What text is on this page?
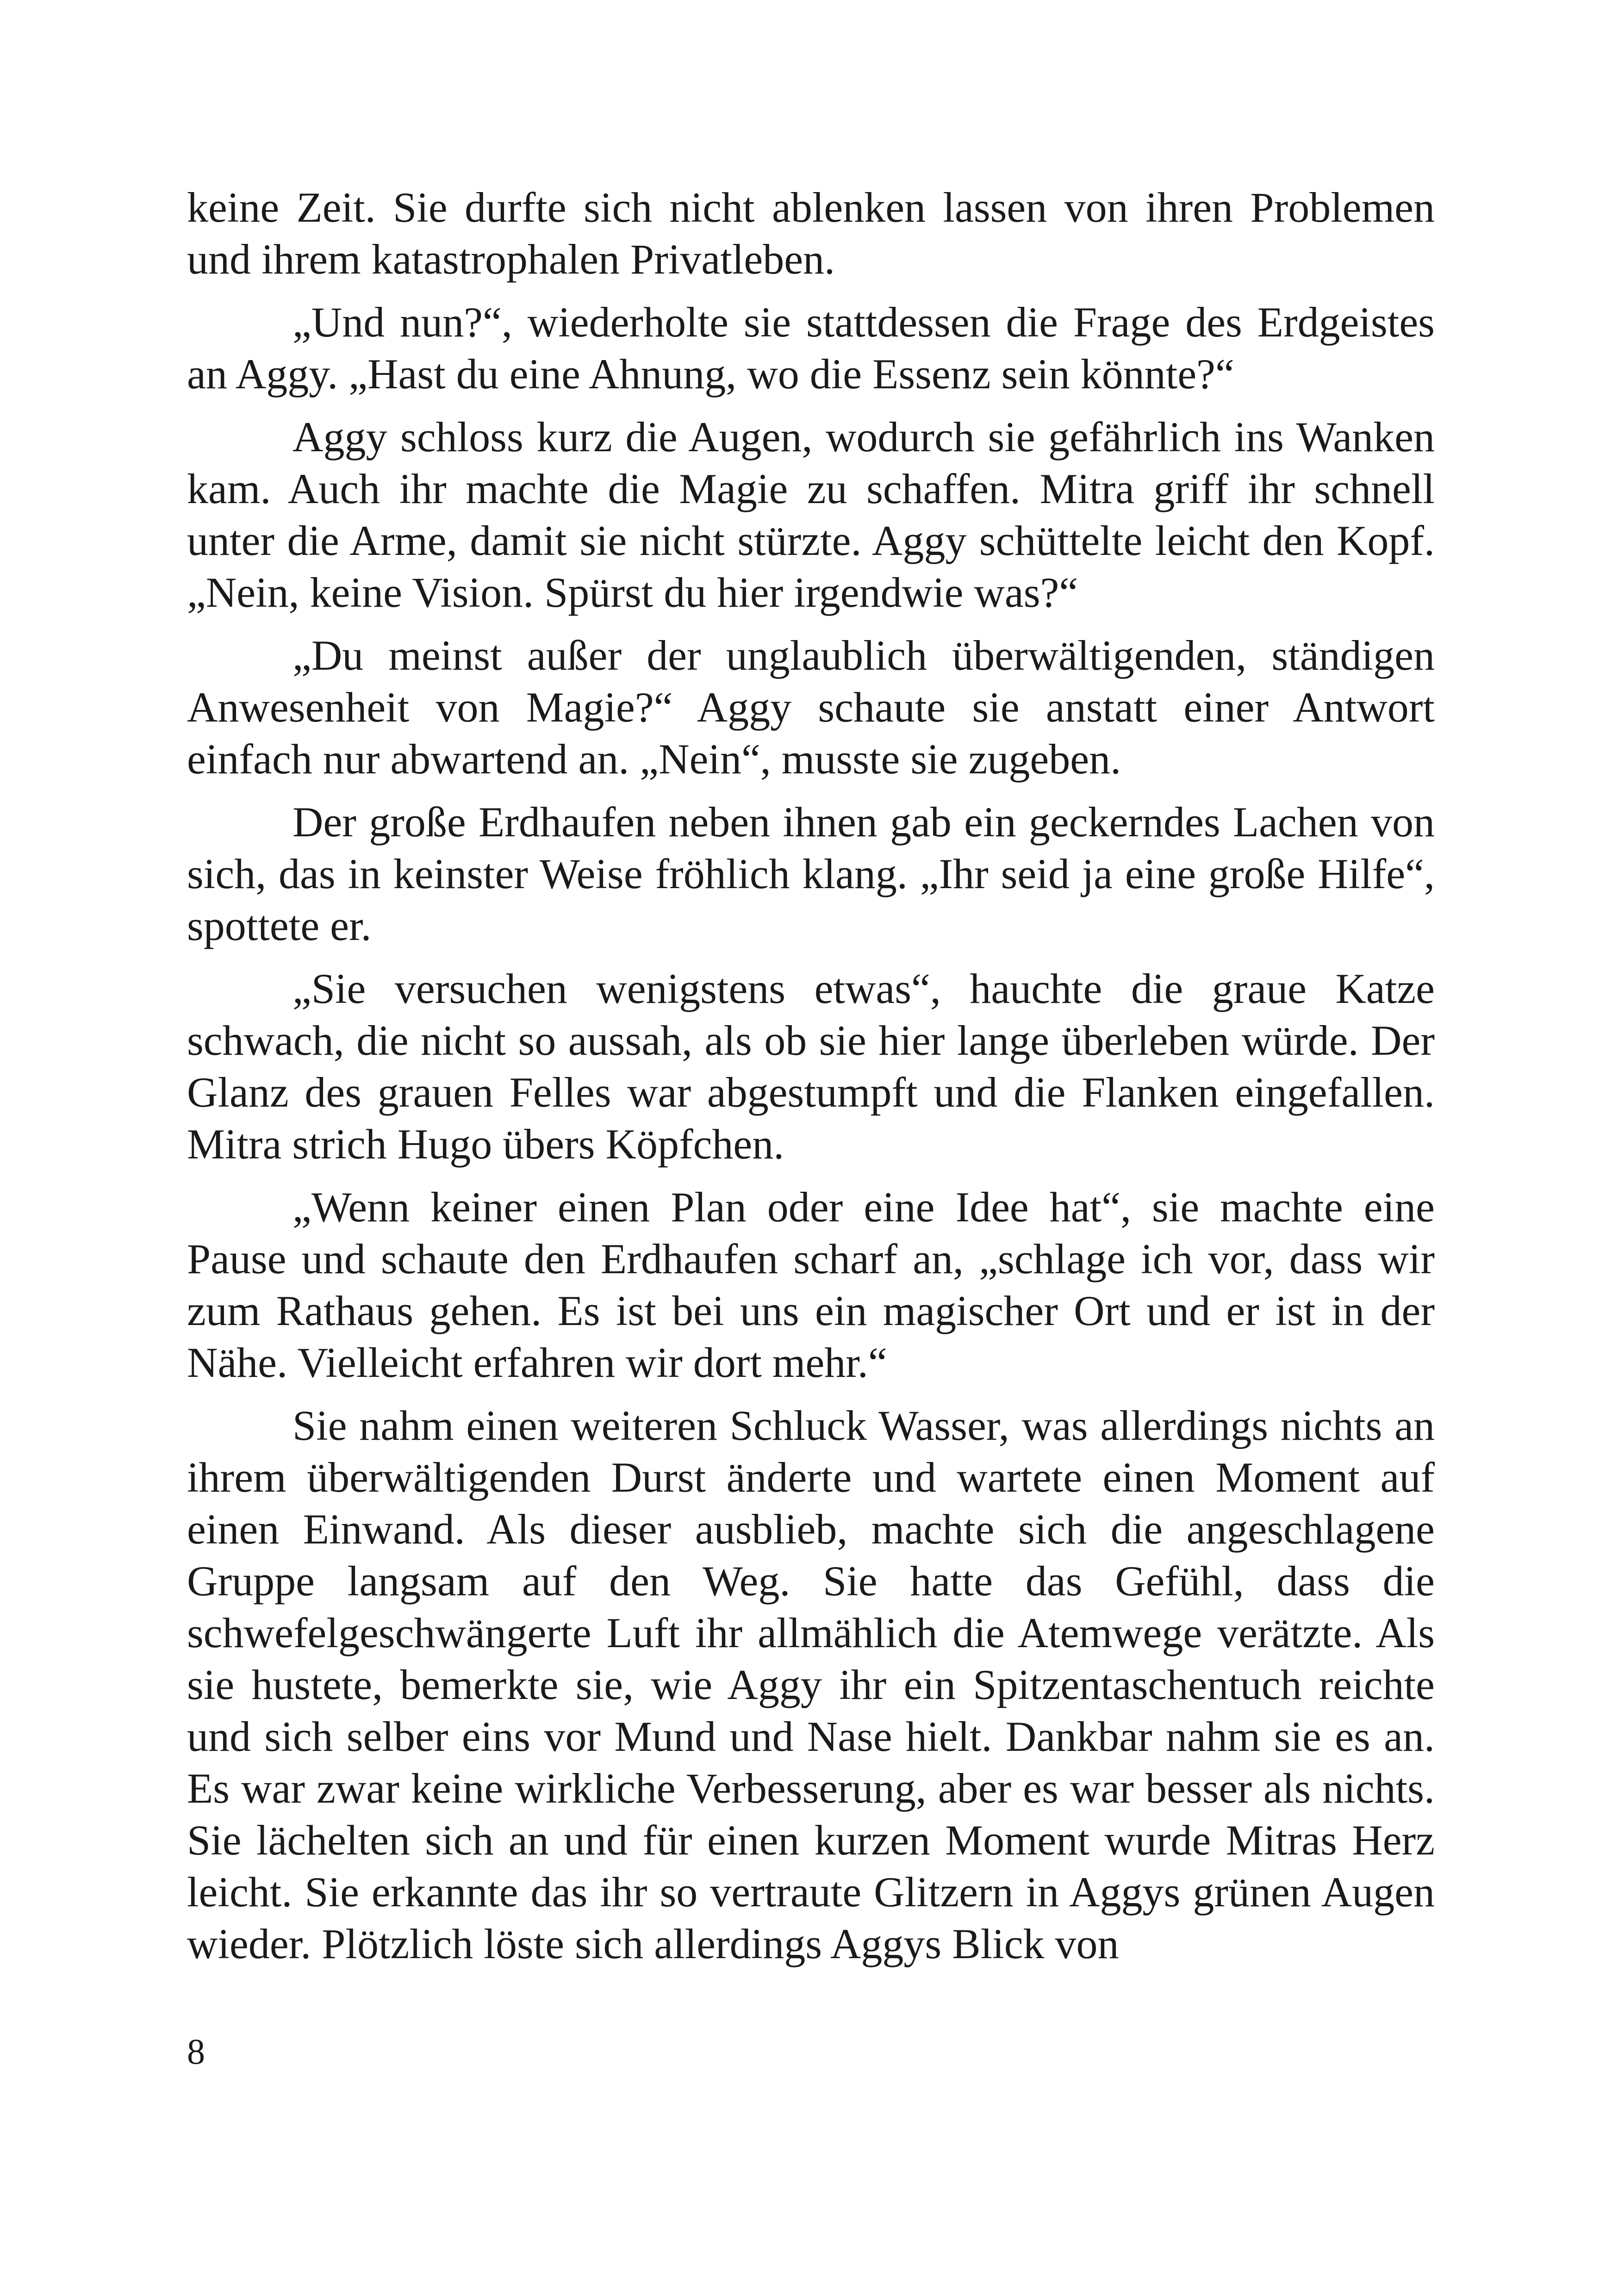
keine Zeit. Sie durfte sich nicht ablenken lassen von ihren Problemen und ihrem katastrophalen Privatleben.

„Und nun?“, wiederholte sie stattdessen die Frage des Erdgeistes an Aggy. „Hast du eine Ahnung, wo die Essenz sein könnte?“

Aggy schloss kurz die Augen, wodurch sie gefährlich ins Wanken kam. Auch ihr machte die Magie zu schaffen. Mitra griff ihr schnell unter die Arme, damit sie nicht stürzte. Aggy schüttelte leicht den Kopf. „Nein, keine Vision. Spürst du hier irgendwie was?“

„Du meinst außer der unglaublich überwältigenden, ständigen Anwesenheit von Magie?“ Aggy schaute sie anstatt einer Antwort einfach nur abwartend an. „Nein“, musste sie zugeben.

Der große Erdhaufen neben ihnen gab ein geckerndes Lachen von sich, das in keinster Weise fröhlich klang. „Ihr seid ja eine große Hilfe“, spottete er.

„Sie versuchen wenigstens etwas“, hauchte die graue Katze schwach, die nicht so aussah, als ob sie hier lange überleben würde. Der Glanz des grauen Felles war abgestumpft und die Flanken eingefallen. Mitra strich Hugo übers Köpfchen.

„Wenn keiner einen Plan oder eine Idee hat“, sie machte eine Pause und schaute den Erdhaufen scharf an, „schlage ich vor, dass wir zum Rathaus gehen. Es ist bei uns ein magischer Ort und er ist in der Nähe. Vielleicht erfahren wir dort mehr.“

Sie nahm einen weiteren Schluck Wasser, was allerdings nichts an ihrem überwältigenden Durst änderte und wartete einen Moment auf einen Einwand. Als dieser ausblieb, machte sich die angeschlagene Gruppe langsam auf den Weg. Sie hatte das Gefühl, dass die schwefelgeschwängerte Luft ihr allmählich die Atemwege verätzte. Als sie hustete, bemerkte sie, wie Aggy ihr ein Spitzentaschentuch reichte und sich selber eins vor Mund und Nase hielt. Dankbar nahm sie es an. Es war zwar keine wirkliche Verbesserung, aber es war besser als nichts. Sie lächelten sich an und für einen kurzen Moment wurde Mitras Herz leicht. Sie erkannte das ihr so vertraute Glitzern in Aggys grünen Augen wieder. Plötzlich löste sich allerdings Aggys Blick von

8
